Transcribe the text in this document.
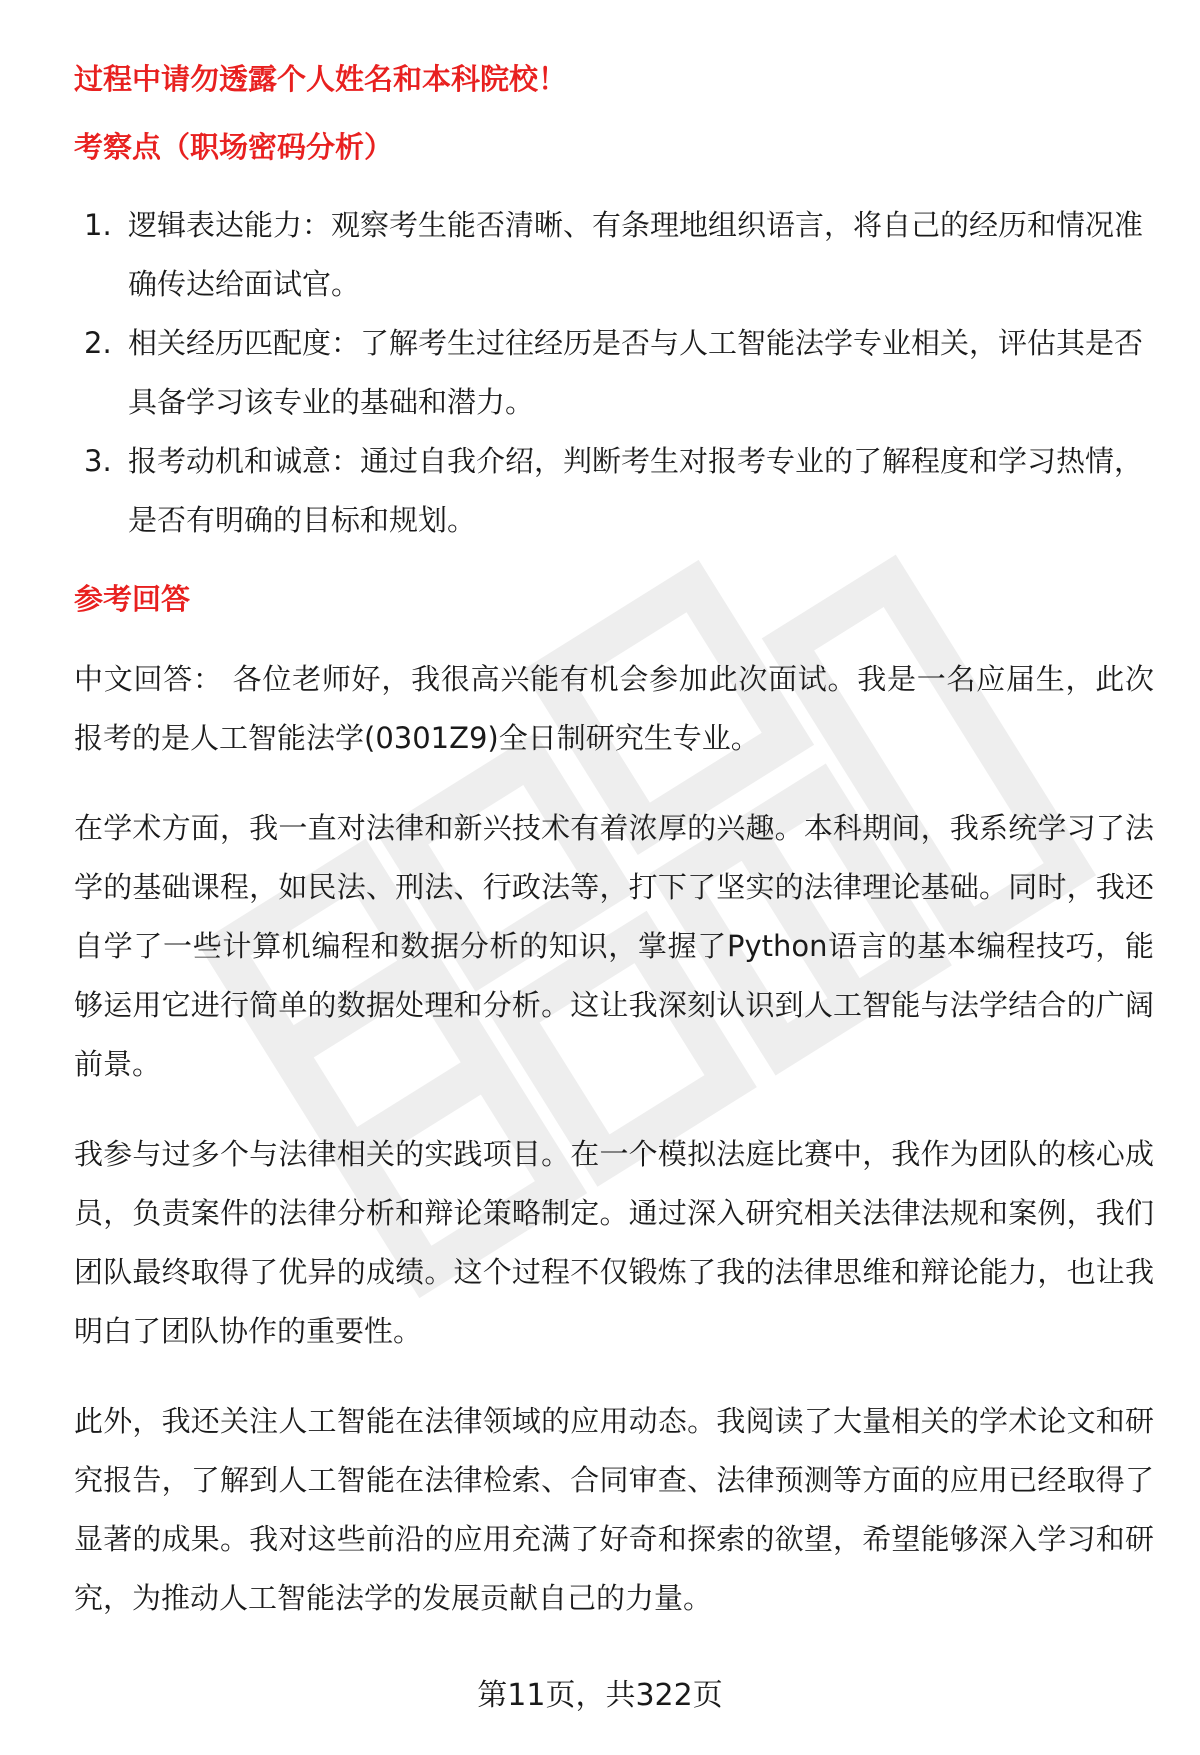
过程中请勿透露个人姓名和本科院校！

考察点（职场密码分析）

1. 逻辑表达能力：观察考生能否清晰、有条理地组织语言，将自己的经历和情况准确传达给面试官。
2. 相关经历匹配度：了解考生过往经历是否与人工智能法学专业相关，评估其是否具备学习该专业的基础和潜力。
3. 报考动机和诚意：通过自我介绍，判断考生对报考专业的了解程度和学习热情，是否有明确的目标和规划。

参考回答

中文回答： 各位老师好，我很高兴能有机会参加此次面试。我是一名应届生，此次报考的是人工智能法学(0301Z9)全日制研究生专业。

在学术方面，我一直对法律和新兴技术有着浓厚的兴趣。本科期间，我系统学习了法学的基础课程，如民法、刑法、行政法等，打下了坚实的法律理论基础。同时，我还自学了一些计算机编程和数据分析的知识，掌握了Python语言的基本编程技巧，能够运用它进行简单的数据处理和分析。这让我深刻认识到人工智能与法学结合的广阔前景。

我参与过多个与法律相关的实践项目。在一个模拟法庭比赛中，我作为团队的核心成员，负责案件的法律分析和辩论策略制定。通过深入研究相关法律法规和案例，我们团队最终取得了优异的成绩。这个过程不仅锻炼了我的法律思维和辩论能力，也让我明白了团队协作的重要性。

此外，我还关注人工智能在法律领域的应用动态。我阅读了大量相关的学术论文和研究报告，了解到人工智能在法律检索、合同审查、法律预测等方面的应用已经取得了显著的成果。我对这些前沿的应用充满了好奇和探索的欲望，希望能够深入学习和研究，为推动人工智能法学的发展贡献自己的力量。

第11页，共322页
